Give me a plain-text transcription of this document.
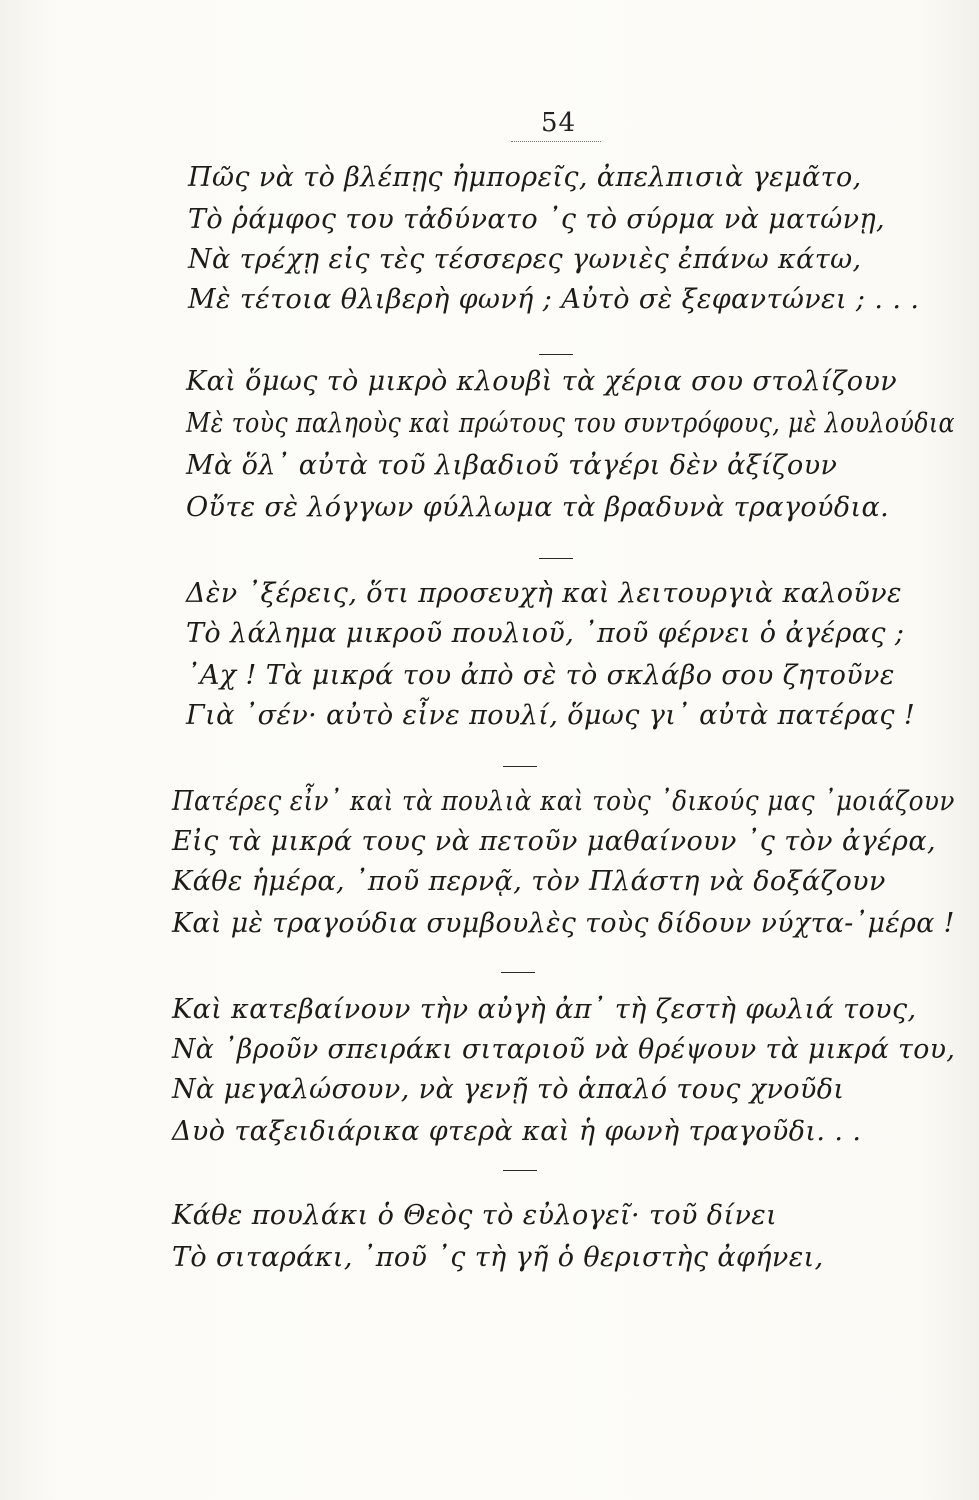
54
Πῶς νὰ τὸ βλέπῃς ἠμπορεῖς, ἀπελπισιὰ γεμᾶτο,
Τὸ ῥάμφος του τἀδύνατο ᾽ς τὸ σύρμα νὰ ματώνῃ,
Νὰ τρέχῃ εἰς τὲς τέσσερες γωνιὲς ἐπάνω κάτω,
Μὲ τέτοια θλιβερὴ φωνή ; Αὐτὸ σὲ ξεφαντώνει ; . . .
Καὶ ὅμως τὸ μικρὸ κλουβὶ τὰ χέρια σου στολίζουν
Μὲ τοὺς παληοὺς καὶ πρώτους του συντρόφους, μὲ λουλούδια
Μὰ ὅλ᾽ αὐτὰ τοῦ λιβαδιοῦ τἀγέρι δὲν ἀξίζουν
Οὔτε σὲ λόγγων φύλλωμα τὰ βραδυνὰ τραγούδια.
Δὲν ᾽ξέρεις, ὅτι προσευχὴ καὶ λειτουργιὰ καλοῦνε
Τὸ λάλημα μικροῦ πουλιοῦ, ᾽ποῦ φέρνει ὁ ἀγέρας ;
᾽Αχ ! Τὰ μικρά του ἀπὸ σὲ τὸ σκλάβο σου ζητοῦνε
Γιὰ ᾽σέν· αὐτὸ εἶνε πουλί, ὅμως γι᾽ αὐτὰ πατέρας !
Πατέρες εἶν᾽ καὶ τὰ πουλιὰ καὶ τοὺς ᾽δικούς μας ᾽μοιάζουν
Εἰς τὰ μικρά τους νὰ πετοῦν μαθαίνουν ᾽ς τὸν ἀγέρα,
Κάθε ἡμέρα, ᾽ποῦ περνᾷ, τὸν Πλάστη νὰ δοξάζουν
Καὶ μὲ τραγούδια συμβουλὲς τοὺς δίδουν νύχτα-᾽μέρα !
Καὶ κατεβαίνουν τὴν αὐγὴ ἀπ᾽ τὴ ζεστὴ φωλιά τους,
Νὰ ᾽βροῦν σπειράκι σιταριοῦ νὰ θρέψουν τὰ μικρά του,
Νὰ μεγαλώσουν, νὰ γενῇ τὸ ἁπαλό τους χνοῦδι
Δυὸ ταξειδιάρικα φτερὰ καὶ ἡ φωνὴ τραγοῦδι. . .
Κάθε πουλάκι ὁ Θεὸς τὸ εὐλογεῖ· τοῦ δίνει
Τὸ σιταράκι, ᾽ποῦ ᾽ς τὴ γῆ ὁ θεριστὴς ἀφήνει,
